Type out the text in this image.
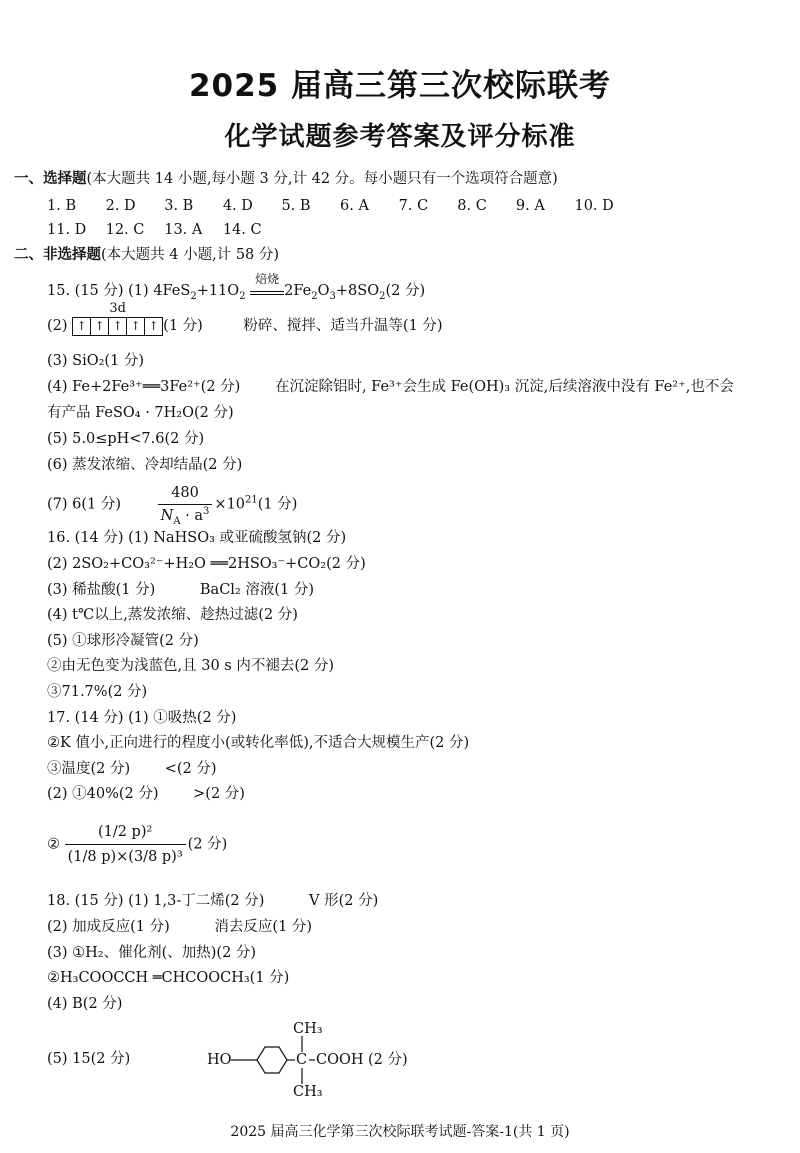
2025 届高三第三次校际联考
化学试题参考答案及评分标准
一、选择题(本大题共 14 小题,每小题 3 分,计 42 分。每小题只有一个选项符合题意)
1. B 2. D 3. B 4. D 5. B 6. A 7. C 8. C 9. A 10. D
11. D 12. C 13. A 14. C
二、非选择题(本大题共 4 小题,计 58 分)
15. (15 分) (1) $4FeS_2+11O_2$
焙烧
$2Fe_2O_3+8SO_2(2$ 分)
(2)
3d
↑ ↑ ↑ ↑ ↑ (1 分)	粉碎、搅拌、适当升温等(1 分)
(3) SiO₂(1 分)
(4) Fe+2Fe³⁺══3Fe²⁺(2 分) 在沉淀除铝时, Fe³⁺会生成 Fe(OH)₃ 沉淀,后续溶液中没有 Fe²⁺,也不会
有产品 FeSO₄ · 7H₂O(2 分)
(5) 5.0≤pH<7.6(2 分)
(6) 蒸发浓缩、冷却结晶(2 分)
(7) 6(1 分)	$\frac{480}{N_A \cdot a^3} \times 10^{21}(1$ 分)
16. (14 分) (1) NaHSO₃ 或亚硫酸氢钠(2 分)
(2) 2SO₂+CO₃²⁻+H₂O ══2HSO₃⁻+CO₂(2 分)
(3) 稀盐酸(1 分)	BaCl₂ 溶液(1 分)
(4) t℃以上,蒸发浓缩、趁热过滤(2 分)
(5) ①球形冷凝管(2 分)
②由无色变为浅蓝色,且 30 s 内不褪去(2 分)
③71.7%(2 分)
17. (14 分) (1) ①吸热(2 分)
②K 值小,正向进行的程度小(或转化率低),不适合大规模生产(2 分)
③温度(2 分) <(2 分)
(2) ①40%(2 分) >(2 分)
② $\frac{\text{(1/2 p)²}}{\text{(1/8 p)×(3/8 p)³}} (2$ 分)
18. (15 分) (1) 1,3-丁二烯(2 分)	V 形(2 分)
(2) 加成反应(1 分)	消去反应(1 分)
(3) ①H₂、催化剂(、加热)(2 分)
②H₃COOCCH ═CHCOOCH₃(1 分)
(4) B(2 分)
(5) 15(2 分)	HO	C
CH₃
CH₃
COOH (2 分)
2025 届高三化学第三次校际联考试题-答案-1(共 1 页)
